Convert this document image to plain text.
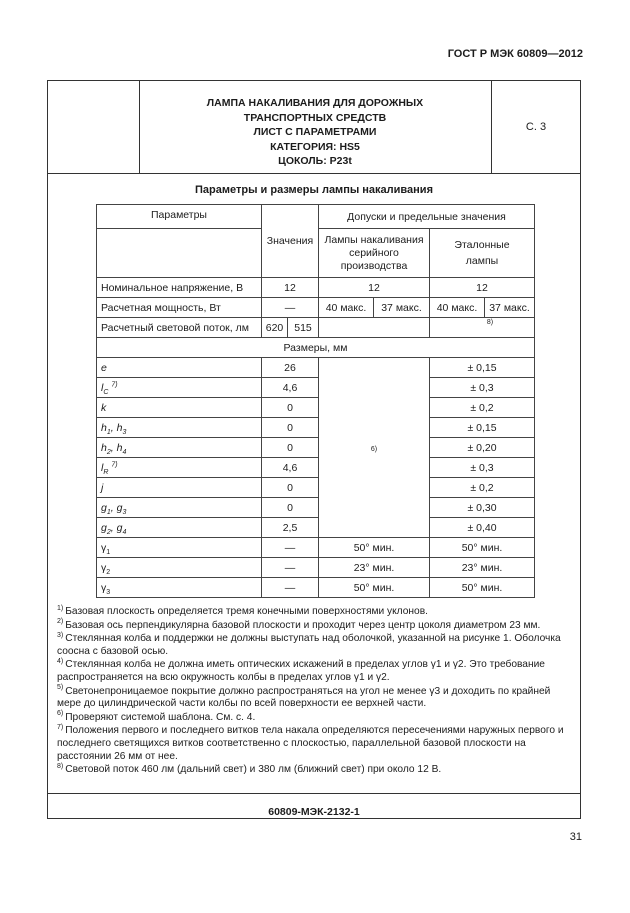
ГОСТ Р МЭК 60809—2012
ЛАМПА НАКАЛИВАНИЯ ДЛЯ ДОРОЖНЫХ
ТРАНСПОРТНЫХ СРЕДСТВ
ЛИСТ С ПАРАМЕТРАМИ
КАТЕГОРИЯ: HS5
ЦОКОЛЬ: P23t
С. 3
Параметры и размеры лампы накаливания
Параметры	Значения		Допуски и предельные значения			
			Лампы накаливания серийного производства		Эталонные лампы	
Номинальное напряжение, В	12		12		12	
Расчетная мощность, Вт	—		40 макс.	37 макс.	40 макс.	37 макс.
Расчетный световой поток, лм	620	515			8)	
Размеры, мм						
e	26		6)		± 0,15	
$l_C$ $^{7)}$	4,6				± 0,3	
k	0				± 0,2	
$h_1$, $h_3$	0				± 0,15	
$h_2$, $h_4$	0				± 0,20	
$l_R$ $^{7)}$	4,6				± 0,3	
j	0				± 0,2	
$g_1$, $g_3$	0				± 0,30	
$g_2$, $g_4$	2,5				± 0,40	
$\gamma_1$	—		50° мин.		50° мин.	
$\gamma_2$	—		23° мин.		23° мин.	
$\gamma_3$	—		50° мин.		50° мин.	
$^{1)}$ Базовая плоскость определяется тремя конечными поверхностями уклонов.
$^{2)}$ Базовая ось перпендикулярна базовой плоскости и проходит через центр цоколя диаметром 23 мм.
$^{3)}$ Стеклянная колба и поддержки не должны выступать над оболочкой, указанной на рисунке 1. Оболочка соосна с базовой осью.
$^{4)}$ Стеклянная колба не должна иметь оптических искажений в пределах углов γ1 и γ2. Это требование распространяется на всю окружность колбы в пределах углов γ1 и γ2.
$^{5)}$ Светонепроницаемое покрытие должно распространяться на угол не менее γ3 и доходить по крайней мере до цилиндрической части колбы по всей поверхности ее верхней части.
$^{6)}$ Проверяют системой шаблона. См. с. 4.
$^{7)}$ Положения первого и последнего витков тела накала определяются пересечениями наружных первого и последнего светящихся витков соответственно с плоскостью, параллельной базовой плоскости на расстоянии 26 мм от нее.
$^{8)}$ Световой поток 460 лм (дальний свет) и 380 лм (ближний свет) при около 12 В.
60809-МЭК-2132-1
31
